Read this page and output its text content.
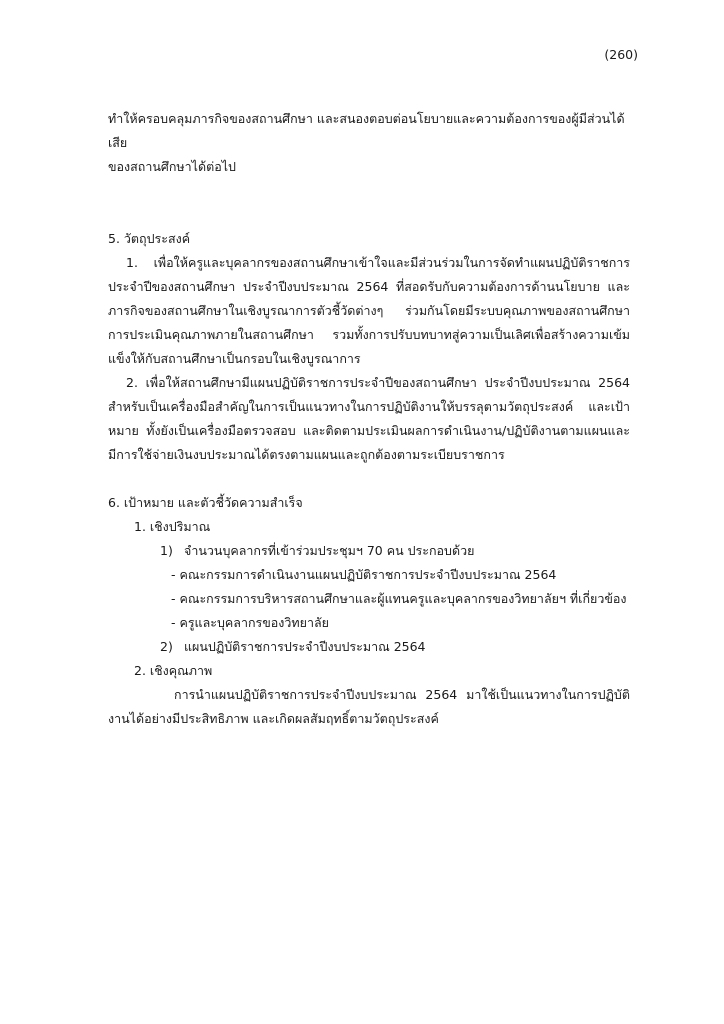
(260)

ทำให้ครอบคลุมภารกิจของสถานศึกษา และสนองตอบต่อนโยบายและความต้องการของผู้มีส่วนได้เสีย

ของสถานศึกษาได้ต่อไป

5. วัตถุประสงค์

1. เพื่อให้ครูและบุคลากรของสถานศึกษาเข้าใจและมีส่วนร่วมในการจัดทำแผนปฏิบัติราชการประจำปีของสถานศึกษา ประจำปีงบประมาณ 2564 ที่สอดรับกับความต้องการด้านนโยบาย และภารกิจของสถานศึกษาในเชิงบูรณาการตัวชี้วัดต่างๆ ร่วมกันโดยมีระบบคุณภาพของสถานศึกษา การประเมินคุณภาพภายในสถานศึกษา รวมทั้งการปรับบทบาทสู่ความเป็นเลิศเพื่อสร้างความเข้มแข็งให้กับสถานศึกษาเป็นกรอบในเชิงบูรณาการ

2. เพื่อให้สถานศึกษามีแผนปฏิบัติราชการประจำปีของสถานศึกษา ประจำปีงบประมาณ 2564 สำหรับเป็นเครื่องมือสำคัญในการเป็นแนวทางในการปฏิบัติงานให้บรรลุตามวัตถุประสงค์ และเป้าหมาย ทั้งยังเป็นเครื่องมือตรวจสอบ และติดตามประเมินผลการดำเนินงาน/ปฏิบัติงานตามแผนและมีการใช้จ่ายเงินงบประมาณได้ตรงตามแผนและถูกต้องตามระเบียบราชการ

6. เป้าหมาย และตัวชี้วัดความสำเร็จ

1. เชิงปริมาณ

1) จำนวนบุคลากรที่เข้าร่วมประชุมฯ 70 คน ประกอบด้วย

- คณะกรรมการดำเนินงานแผนปฏิบัติราชการประจำปีงบประมาณ 2564

- คณะกรรมการบริหารสถานศึกษาและผู้แทนครูและบุคลากรของวิทยาลัยฯ ที่เกี่ยวข้อง

- ครูและบุคลากรของวิทยาลัย

2) แผนปฏิบัติราชการประจำปีงบประมาณ 2564

2. เชิงคุณภาพ

การนำแผนปฏิบัติราชการประจำปีงบประมาณ 2564 มาใช้เป็นแนวทางในการปฏิบัติงานได้อย่างมีประสิทธิภาพ และเกิดผลสัมฤทธิ์ตามวัตถุประสงค์
